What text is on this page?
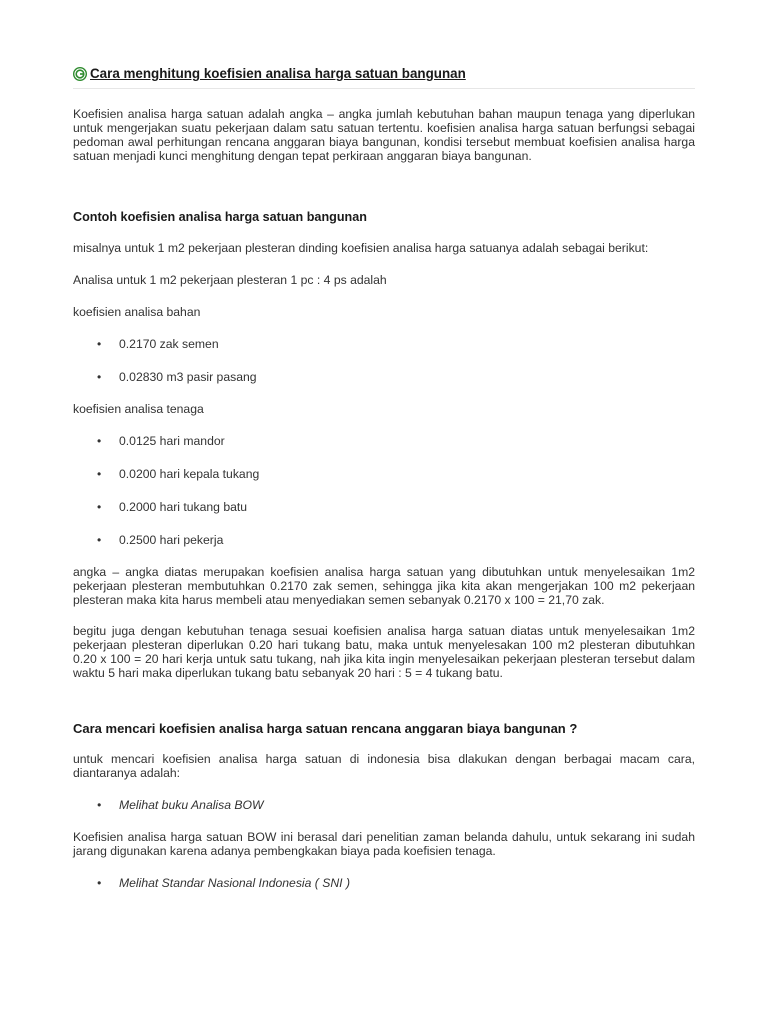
Cara menghitung koefisien analisa harga satuan bangunan

Koefisien analisa harga satuan adalah angka – angka jumlah kebutuhan bahan maupun tenaga yang diperlukan untuk mengerjakan suatu pekerjaan dalam satu satuan tertentu. koefisien analisa harga satuan berfungsi sebagai pedoman awal perhitungan rencana anggaran biaya bangunan, kondisi tersebut membuat koefisien analisa harga satuan menjadi kunci menghitung dengan tepat perkiraan anggaran biaya bangunan.

Contoh koefisien analisa harga satuan bangunan

misalnya untuk 1 m2 pekerjaan plesteran dinding koefisien analisa harga satuanya adalah sebagai berikut:

Analisa untuk 1 m2 pekerjaan plesteran 1 pc : 4 ps adalah

koefisien analisa bahan

• 0.2170 zak semen
• 0.02830 m3 pasir pasang

koefisien analisa tenaga

• 0.0125 hari mandor
• 0.0200 hari kepala tukang
• 0.2000 hari tukang batu
• 0.2500 hari pekerja

angka – angka diatas merupakan koefisien analisa harga satuan yang dibutuhkan untuk menyelesaikan 1m2 pekerjaan plesteran membutuhkan 0.2170 zak semen, sehingga jika kita akan mengerjakan 100 m2 pekerjaan plesteran maka kita harus membeli atau menyediakan semen sebanyak 0.2170 x 100 = 21,70 zak.

begitu juga dengan kebutuhan tenaga sesuai koefisien analisa harga satuan diatas untuk menyelesaikan 1m2 pekerjaan plesteran diperlukan 0.20 hari tukang batu, maka untuk menyelesakan 100 m2 plesteran dibutuhkan 0.20 x 100 = 20 hari kerja untuk satu tukang, nah jika kita ingin menyelesaikan pekerjaan plesteran tersebut dalam waktu 5 hari maka diperlukan tukang batu sebanyak 20 hari : 5 = 4 tukang batu.

Cara mencari koefisien analisa harga satuan rencana anggaran biaya bangunan ?

untuk mencari koefisien analisa harga satuan di indonesia bisa dlakukan dengan berbagai macam cara, diantaranya adalah:

• Melihat buku Analisa BOW

Koefisien analisa harga satuan BOW ini berasal dari penelitian zaman belanda dahulu, untuk sekarang ini sudah jarang digunakan karena adanya pembengkakan biaya pada koefisien tenaga.

• Melihat Standar Nasional Indonesia ( SNI )
